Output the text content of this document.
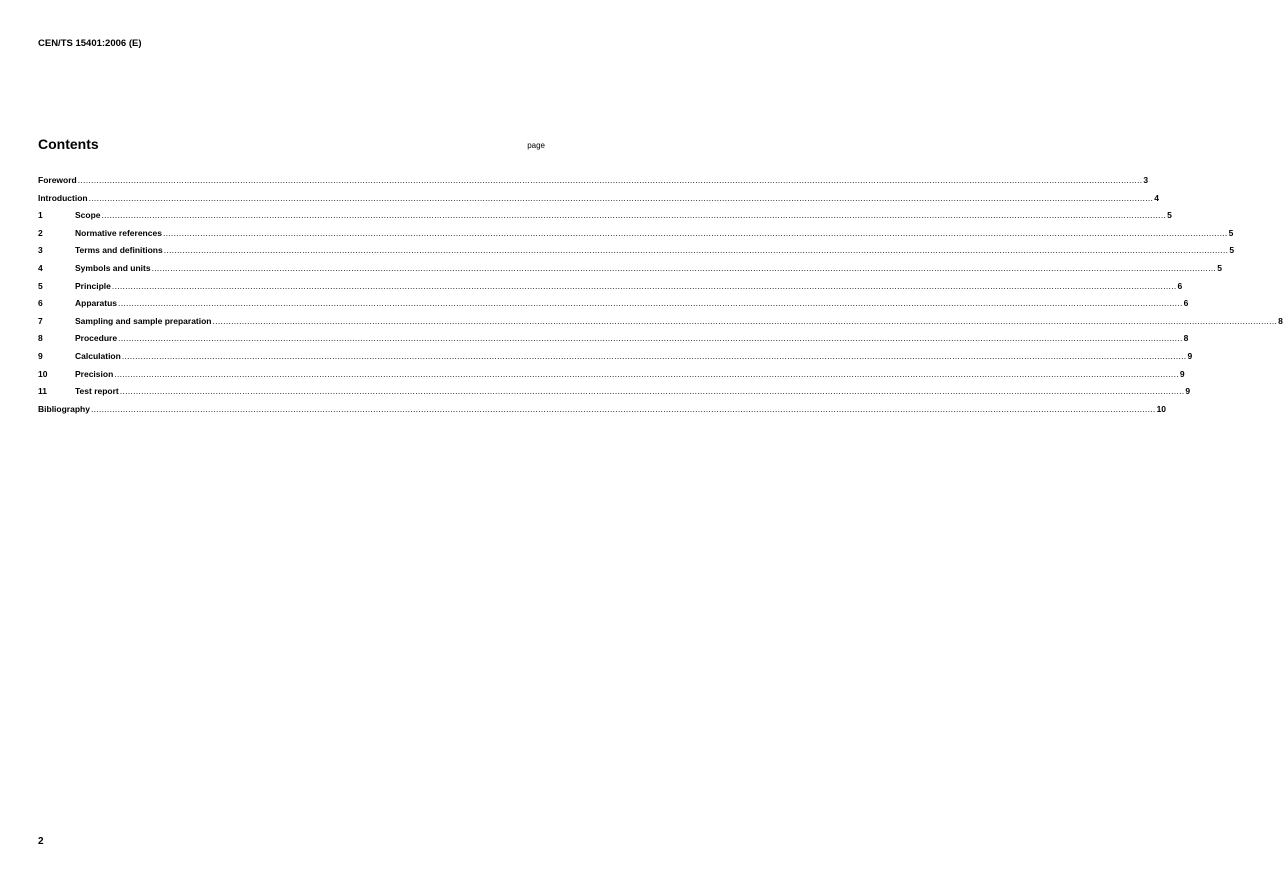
CEN/TS 15401:2006 (E)
Contents	page
Foreword ................................................................................................................................................................................................................................................................................................................................................................................................................ 3
Introduction ................................................................................................................................................................................................................................................................................................................................................................................................................ 4
1	Scope ................................................................................................................................................................................................................................................................................................................................................................................................................ 5
2	Normative references ................................................................................................................................................................................................................................................................................................................................................................................................................ 5
3	Terms and definitions ................................................................................................................................................................................................................................................................................................................................................................................................................ 5
4	Symbols and units ................................................................................................................................................................................................................................................................................................................................................................................................................ 5
5	Principle ................................................................................................................................................................................................................................................................................................................................................................................................................ 6
6	Apparatus ................................................................................................................................................................................................................................................................................................................................................................................................................ 6
7	Sampling and sample preparation ................................................................................................................................................................................................................................................................................................................................................................................................................ 8
8	Procedure ................................................................................................................................................................................................................................................................................................................................................................................................................ 8
9	Calculation ................................................................................................................................................................................................................................................................................................................................................................................................................ 9
10	Precision ................................................................................................................................................................................................................................................................................................................................................................................................................ 9
11	Test report ................................................................................................................................................................................................................................................................................................................................................................................................................ 9
Bibliography ................................................................................................................................................................................................................................................................................................................................................................................................................ 10
2
